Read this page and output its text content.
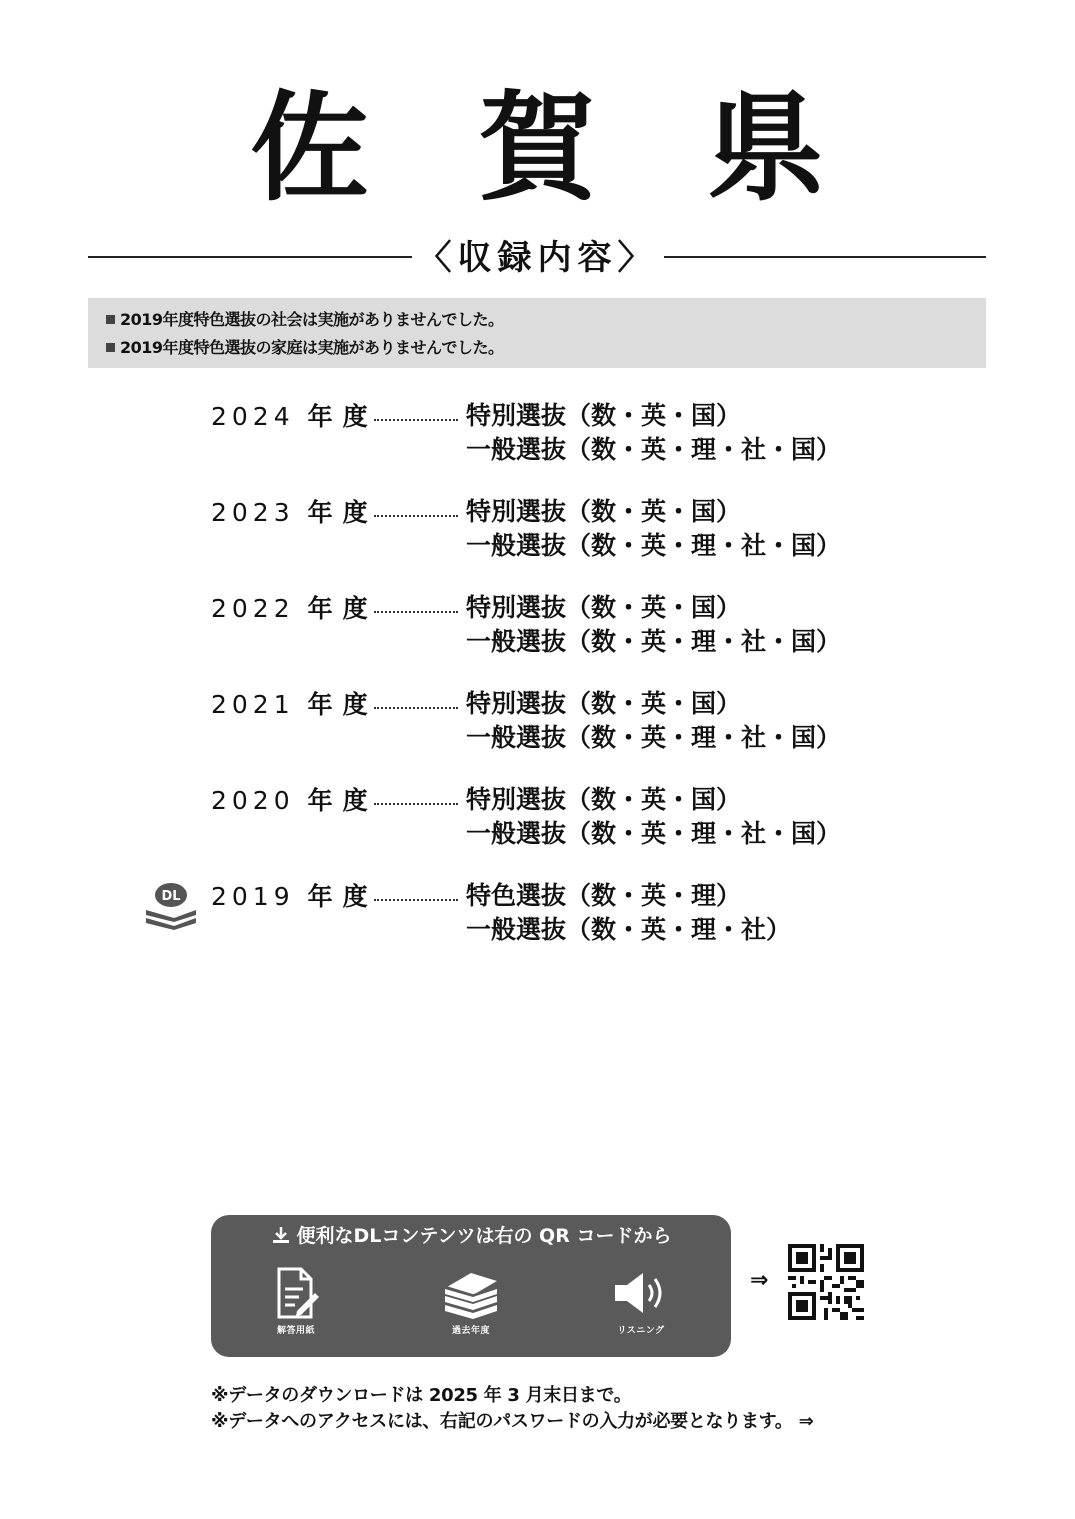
佐 賀 県
〈収録内容〉
2019年度特色選抜の社会は実施がありませんでした。
2019年度特色選抜の家庭は実施がありませんでした。
2024 年度	特別選抜（数・英・国）
一般選抜（数・英・理・社・国）
2023 年度	特別選抜（数・英・国）
一般選抜（数・英・理・社・国）
2022 年度	特別選抜（数・英・国）
一般選抜（数・英・理・社・国）
2021 年度	特別選抜（数・英・国）
一般選抜（数・英・理・社・国）
2020 年度	特別選抜（数・英・国）
一般選抜（数・英・理・社・国）
2019 年度	特色選抜（数・英・理）
一般選抜（数・英・理・社）
DL
便利なDLコンテンツは右の QR コードから
解答用紙	過去年度	リスニング
⇒
※データのダウンロードは 2025 年 3 月末日まで。
※データへのアクセスには、右記のパスワードの入力が必要となります。 ⇒
